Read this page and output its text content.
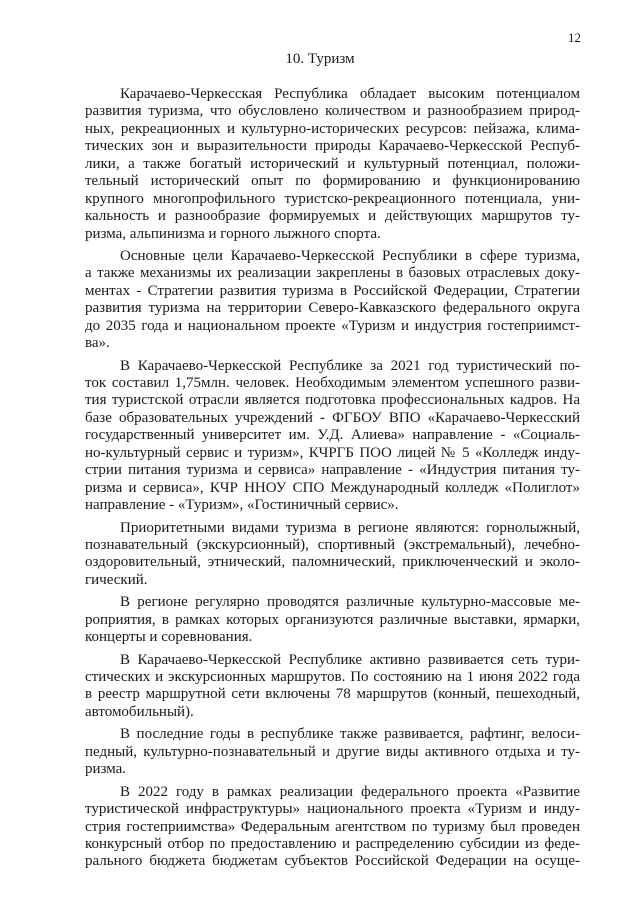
12
10. Туризм
Карачаево-Черкесская Республика обладает высоким потенциалом
развития туризма, что обусловлено количеством и разнообразием природ-
ных, рекреационных и культурно-исторических ресурсов: пейзажа, клима-
тических зон и выразительности природы Карачаево-Черкесской Респуб-
лики, а также богатый исторический и культурный потенциал, положи-
тельный исторический опыт по формированию и функционированию
крупного многопрофильного туристско-рекреационного потенциала, уни-
кальность и разнообразие формируемых и действующих маршрутов ту-
ризма, альпинизма и горного лыжного спорта.
Основные цели Карачаево-Черкесской Республики в сфере туризма,
а также механизмы их реализации закреплены в базовых отраслевых доку-
ментах - Стратегии развития туризма в Российской Федерации, Стратегии
развития туризма на территории Северо-Кавказского федерального округа
до 2035 года и национальном проекте «Туризм и индустрия гостеприимст-
ва».
В Карачаево-Черкесской Республике за 2021 год туристический по-
ток составил 1,75млн. человек. Необходимым элементом успешного разви-
тия туристской отрасли является подготовка профессиональных кадров. На
базе образовательных учреждений - ФГБОУ ВПО «Карачаево-Черкесский
государственный университет им. У.Д. Алиева» направление - «Социаль-
но-культурный сервис и туризм», КЧРГБ ПОО лицей № 5 «Колледж инду-
стрии питания туризма и сервиса» направление - «Индустрия питания ту-
ризма и сервиса», КЧР ННОУ СПО Международный колледж «Полиглот»
направление - «Туризм», «Гостиничный сервис».
Приоритетными видами туризма в регионе являются: горнолыжный,
познавательный (экскурсионный), спортивный (экстремальный), лечебно-
оздоровительный, этнический, паломнический, приключенческий и эколо-
гический.
В регионе регулярно проводятся различные культурно-массовые ме-
роприятия, в рамках которых организуются различные выставки, ярмарки,
концерты и соревнования.
В Карачаево-Черкесской Республике активно развивается сеть тури-
стических и экскурсионных маршрутов. По состоянию на 1 июня 2022 года
в реестр маршрутной сети включены 78 маршрутов (конный, пешеходный,
автомобильный).
В последние годы в республике также развивается, рафтинг, велоси-
педный, культурно-познавательный и другие виды активного отдыха и ту-
ризма.
В 2022 году в рамках реализации федерального проекта «Развитие
туристической инфраструктуры» национального проекта «Туризм и инду-
стрия гостеприимства» Федеральным агентством по туризму был проведен
конкурсный отбор по предоставлению и распределению субсидии из феде-
рального бюджета бюджетам субъектов Российской Федерации на осуще-
